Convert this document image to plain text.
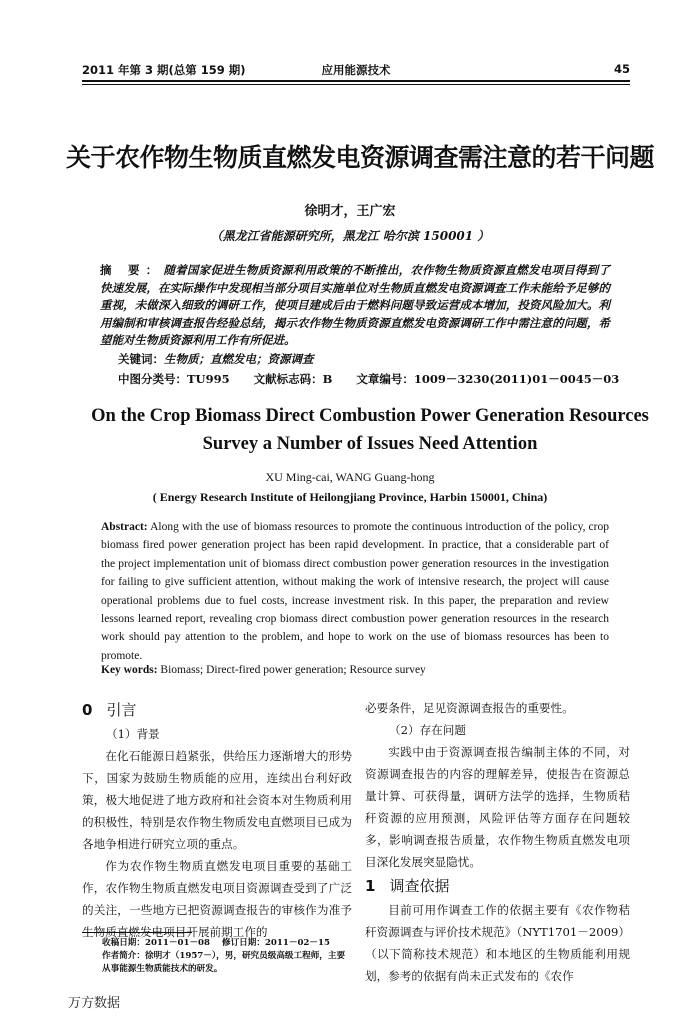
2011 年第 3 期(总第 159 期)	应用能源技术	45
关于农作物生物质直燃发电资源调查需注意的若干问题
徐明才，王广宏
（黑龙江省能源研究所，黑龙江 哈尔滨 150001 ）
摘 要：随着国家促进生物质资源利用政策的不断推出，农作物生物质资源直燃发电项目得到了快速发展，在实际操作中发现相当部分项目实施单位对生物质直燃发电资源调查工作未能给予足够的重视，未做深入细致的调研工作，使项目建成后由于燃料问题导致运营成本增加，投资风险加大。利用编制和审核调查报告经验总结，揭示农作物生物质资源直燃发电资源调研工作中需注意的问题，希望能对生物质资源利用工作有所促进。
关键词：生物质；直燃发电；资源调查
中图分类号：TU995 文献标志码：B 文章编号：1009－3230(2011)01－0045－03
On the Crop Biomass Direct Combustion Power Generation Resources Survey a Number of Issues Need Attention
XU Ming-cai, WANG Guang-hong
( Energy Research Institute of Heilongjiang Province, Harbin 150001, China)
Abstract: Along with the use of biomass resources to promote the continuous introduction of the policy, crop biomass fired power generation project has been rapid development. In practice, that a considerable part of the project implementation unit of biomass direct combustion power generation resources in the investigation for failing to give sufficient attention, without making the work of intensive research, the project will cause operational problems due to fuel costs, increase investment risk. In this paper, the preparation and review lessons learned report, revealing crop biomass direct combustion power generation resources in the research work should pay attention to the problem, and hope to work on the use of biomass resources has been to promote.
Key words: Biomass; Direct-fired power generation; Resource survey

0 引言

（1）背景

在化石能源日趋紧张，供给压力逐渐增大的形势下，国家为鼓励生物质能的应用，连续出台利好政策，极大地促进了地方政府和社会资本对生物质利用的积极性，特别是农作物生物质发电直燃项目已成为各地争相进行研究立项的重点。

作为农作物生物质直燃发电项目重要的基础工作，农作物生物质直燃发电项目资源调查受到了广泛的关注，一些地方已把资源调查报告的审核作为准予生物质直燃发电项目开展前期工作的

必要条件，足见资源调查报告的重要性。

（2）存在问题

实践中由于资源调查报告编制主体的不同，对资源调查报告的内容的理解差异，使报告在资源总量计算、可获得量，调研方法学的选择，生物质秸秆资源的应用预测，风险评估等方面存在问题较多，影响调查报告质量，农作物生物质直燃发电项目深化发展突显隐忧。

1 调查依据

目前可用作调查工作的依据主要有《农作物秸秆资源调查与评价技术规范》（NYT1701－2009）（以下简称技术规范）和本地区的生物质能利用规划，参考的依据有尚未正式发布的《农作

收稿日期：2011－01－08 修订日期：2011－02－15
作者简介：徐明才（1957－），男，研究员级高级工程师，主要从事能源生物质能技术的研发。
万方数据
